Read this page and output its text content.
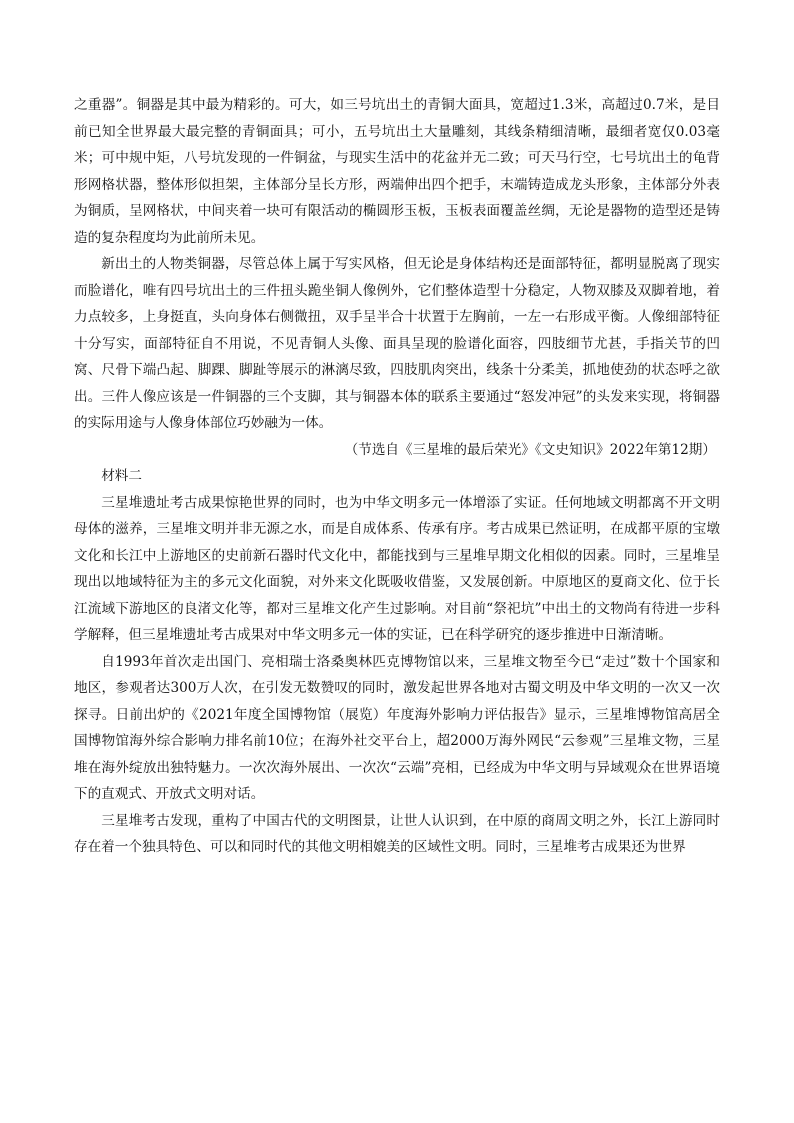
之重器”。铜器是其中最为精彩的。可大，如三号坑出土的青铜大面具，宽超过1.3米，高超过0.7米，是目前已知全世界最大最完整的青铜面具；可小，五号坑出土大量雕刻，其线条精细清晰，最细者宽仅0.03毫米；可中规中矩，八号坑发现的一件铜盆，与现实生活中的花盆并无二致；可天马行空，七号坑出土的龟背形网格状器，整体形似担架，主体部分呈长方形，两端伸出四个把手，末端铸造成龙头形象，主体部分外表为铜质，呈网格状，中间夹着一块可有限活动的椭圆形玉板，玉板表面覆盖丝绸，无论是器物的造型还是铸造的复杂程度均为此前所未见。

新出土的人物类铜器，尽管总体上属于写实风格，但无论是身体结构还是面部特征，都明显脱离了现实而脸谱化，唯有四号坑出土的三件扭头跪坐铜人像例外，它们整体造型十分稳定，人物双膝及双脚着地，着力点较多，上身挺直，头向身体右侧微扭，双手呈半合十状置于左胸前，一左一右形成平衡。人像细部特征十分写实，面部特征自不用说，不见青铜人头像、面具呈现的脸谱化面容，四肢细节尤甚，手指关节的凹窝、尺骨下端凸起、脚踝、脚趾等展示的淋漓尽致，四肢肌肉突出，线条十分柔美，抓地使劲的状态呼之欲出。三件人像应该是一件铜器的三个支脚，其与铜器本体的联系主要通过“怒发冲冠”的头发来实现，将铜器的实际用途与人像身体部位巧妙融为一体。

（节选自《三星堆的最后荣光》《文史知识》2022年第12期）

材料二

三星堆遗址考古成果惊艳世界的同时，也为中华文明多元一体增添了实证。任何地域文明都离不开文明母体的滋养，三星堆文明并非无源之水，而是自成体系、传承有序。考古成果已然证明，在成都平原的宝墩文化和长江中上游地区的史前新石器时代文化中，都能找到与三星堆早期文化相似的因素。同时，三星堆呈现出以地域特征为主的多元文化面貌，对外来文化既吸收借鉴，又发展创新。中原地区的夏商文化、位于长江流域下游地区的良渚文化等，都对三星堆文化产生过影响。对目前“祭祀坑”中出土的文物尚有待进一步科学解释，但三星堆遗址考古成果对中华文明多元一体的实证，已在科学研究的逐步推进中日渐清晰。

自1993年首次走出国门、亮相瑞士洛桑奥林匹克博物馆以来，三星堆文物至今已“走过”数十个国家和地区，参观者达300万人次，在引发无数赞叹的同时，激发起世界各地对古蜀文明及中华文明的一次又一次探寻。日前出炉的《2021年度全国博物馆（展览）年度海外影响力评估报告》显示，三星堆博物馆高居全国博物馆海外综合影响力排名前10位；在海外社交平台上，超2000万海外网民“云参观”三星堆文物，三星堆在海外绽放出独特魅力。一次次海外展出、一次次“云端”亮相，已经成为中华文明与异域观众在世界语境下的直观式、开放式文明对话。

三星堆考古发现，重构了中国古代的文明图景，让世人认识到，在中原的商周文明之外，长江上游同时存在着一个独具特色、可以和同时代的其他文明相媲美的区域性文明。同时，三星堆考古成果还为世界
